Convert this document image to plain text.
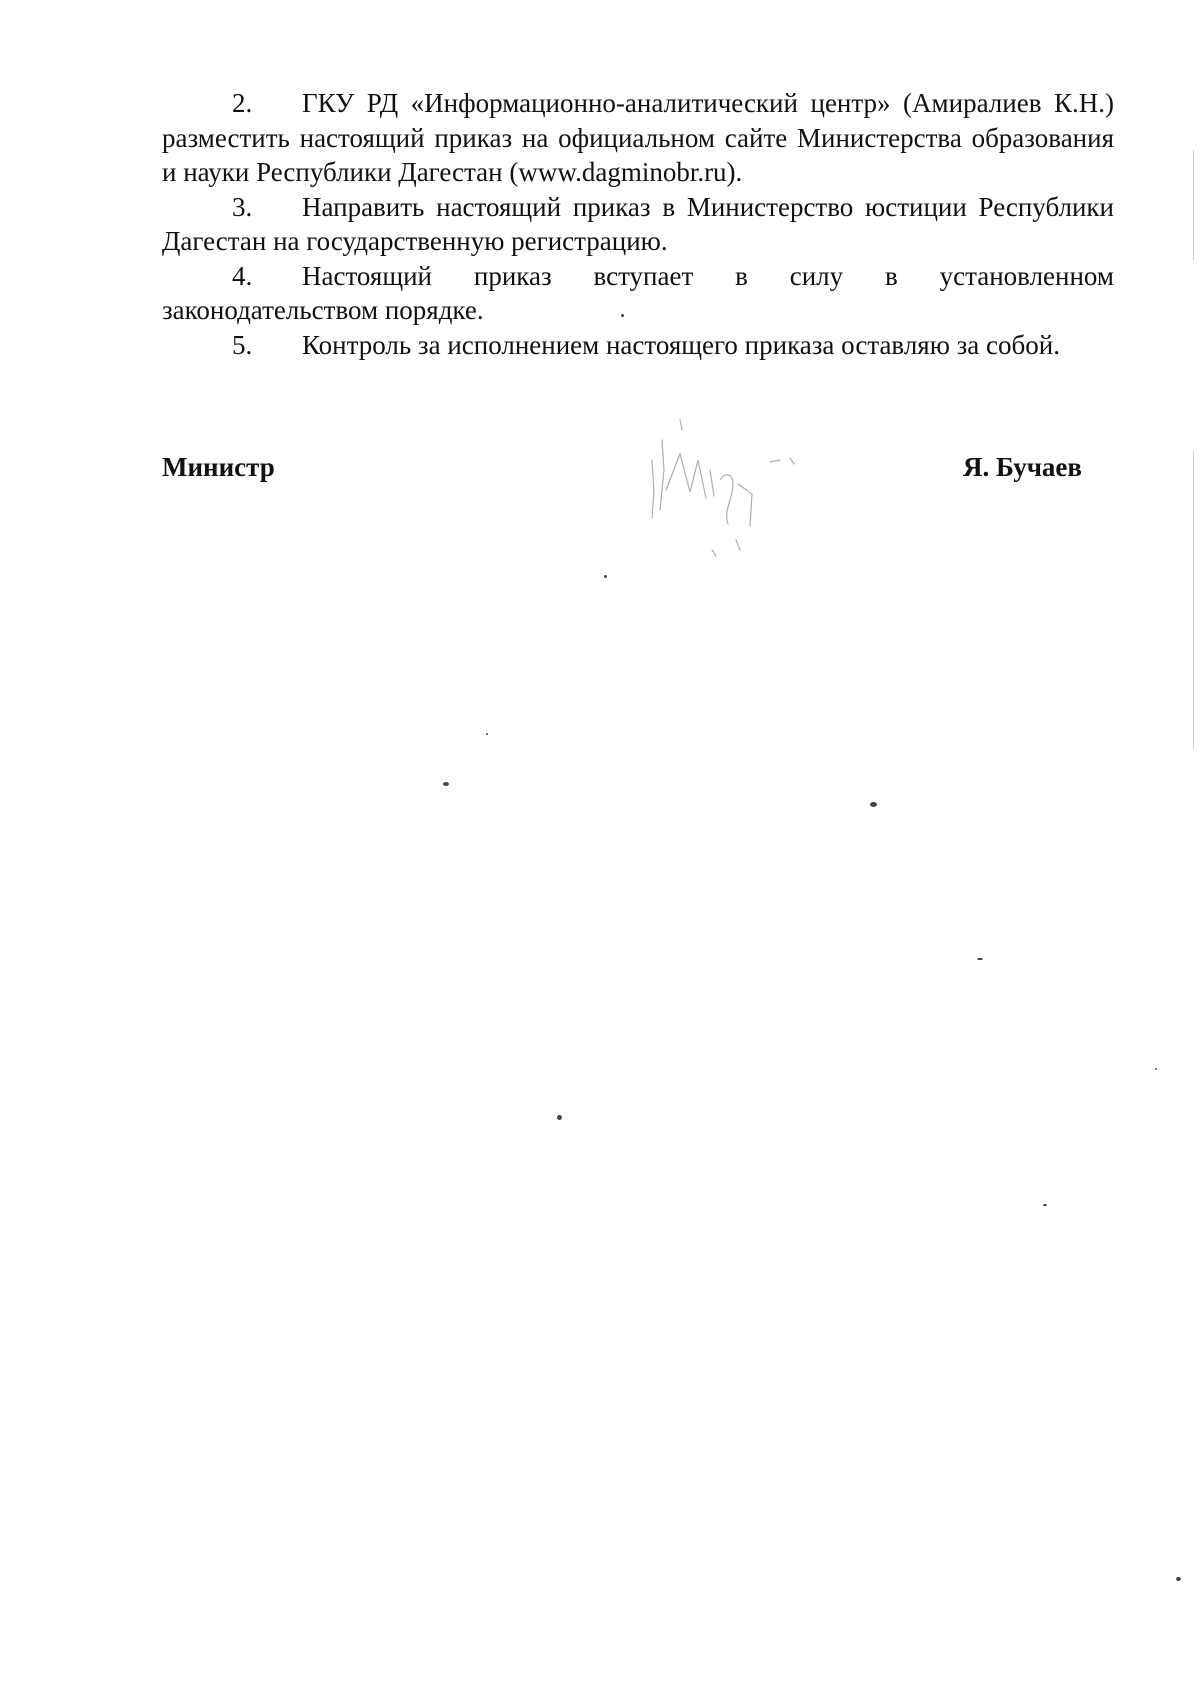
2. ГКУ РД «Информационно-аналитический центр» (Амиралиев К.Н.) разместить настоящий приказ на официальном сайте Министерства образования и науки Республики Дагестан (www.dagminobr.ru).

3. Направить настоящий приказ в Министерство юстиции Республики Дагестан на государственную регистрацию.

4. Настоящий приказ вступает в силу в установленном законодательством порядке.

5. Контроль за исполнением настоящего приказа оставляю за собой.

Министр	Я. Бучаев
